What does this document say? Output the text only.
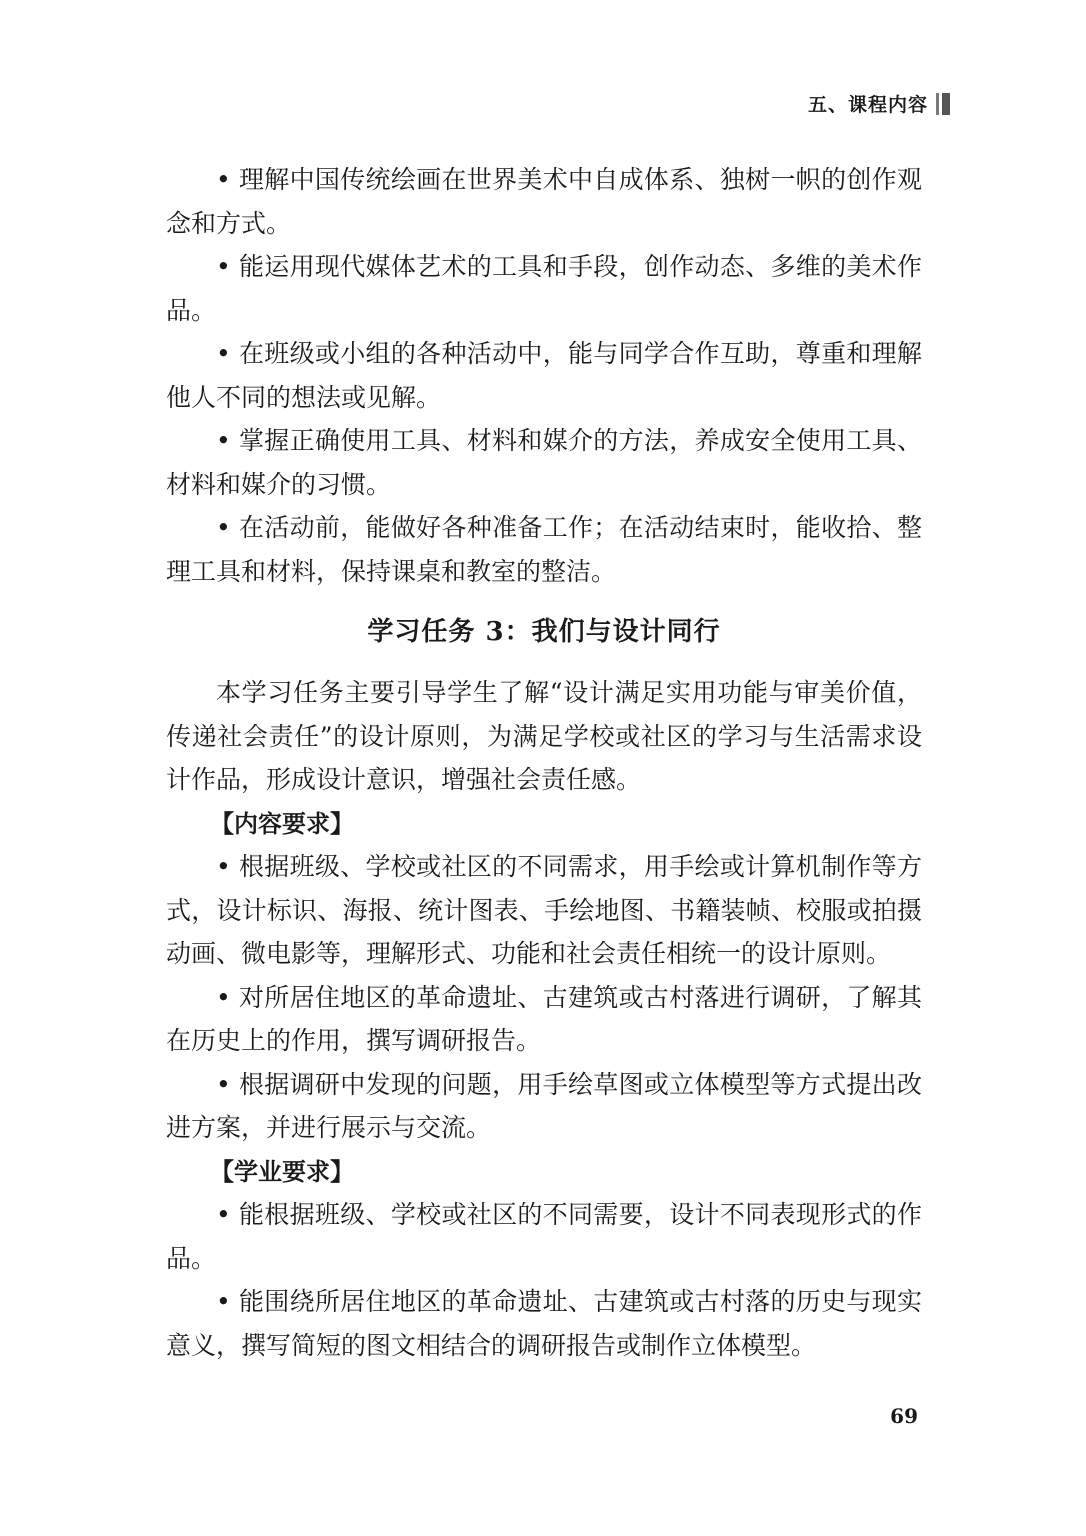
五、课程内容

• 理解中国传统绘画在世界美术中自成体系、独树一帜的创作观念和方式。

• 能运用现代媒体艺术的工具和手段，创作动态、多维的美术作品。

• 在班级或小组的各种活动中，能与同学合作互助，尊重和理解他人不同的想法或见解。

• 掌握正确使用工具、材料和媒介的方法，养成安全使用工具、材料和媒介的习惯。

• 在活动前，能做好各种准备工作；在活动结束时，能收拾、整理工具和材料，保持课桌和教室的整洁。

学习任务 3：我们与设计同行

本学习任务主要引导学生了解“设计满足实用功能与审美价值，传递社会责任”的设计原则，为满足学校或社区的学习与生活需求设计作品，形成设计意识，增强社会责任感。

【内容要求】

• 根据班级、学校或社区的不同需求，用手绘或计算机制作等方式，设计标识、海报、统计图表、手绘地图、书籍装帧、校服或拍摄动画、微电影等，理解形式、功能和社会责任相统一的设计原则。

• 对所居住地区的革命遗址、古建筑或古村落进行调研，了解其在历史上的作用，撰写调研报告。

• 根据调研中发现的问题，用手绘草图或立体模型等方式提出改进方案，并进行展示与交流。

【学业要求】

• 能根据班级、学校或社区的不同需要，设计不同表现形式的作品。

• 能围绕所居住地区的革命遗址、古建筑或古村落的历史与现实意义，撰写简短的图文相结合的调研报告或制作立体模型。

69
